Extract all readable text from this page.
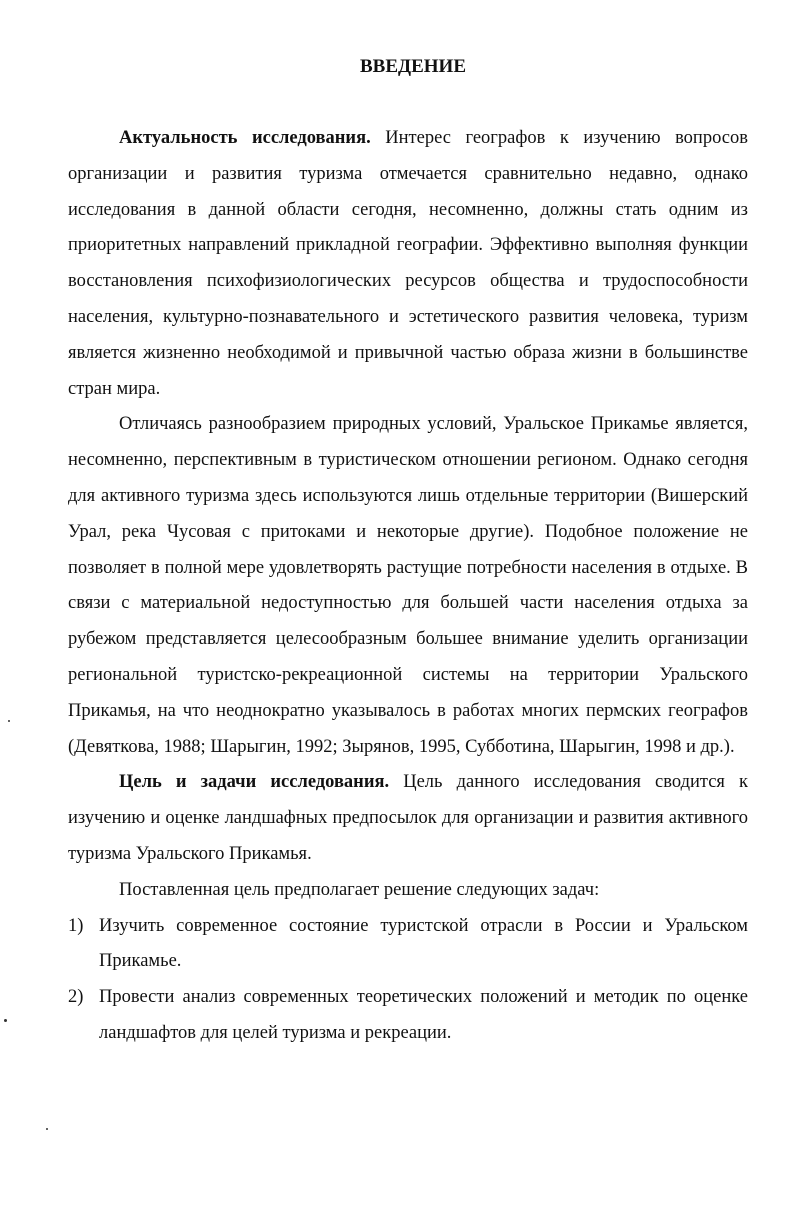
ВВЕДЕНИЕ

Актуальность исследования. Интерес географов к изучению вопросов организации и развития туризма отмечается сравнительно недавно, однако исследования в данной области сегодня, несомненно, должны стать одним из приоритетных направлений прикладной географии. Эффективно выполняя функции восстановления психофизиологических ресурсов общества и трудоспособности населения, культурно-познавательного и эстетического развития человека, туризм является жизненно необходимой и привычной частью образа жизни в большинстве стран мира.

Отличаясь разнообразием природных условий, Уральское Прикамье является, несомненно, перспективным в туристическом отношении регионом. Однако сегодня для активного туризма здесь используются лишь отдельные территории (Вишерский Урал, река Чусовая с притоками и некоторые другие). Подобное положение не позволяет в полной мере удовлетворять растущие потребности населения в отдыхе. В связи с материальной недоступностью для большей части населения отдыха за рубежом представляется целесообразным большее внимание уделить организации региональной туристско-рекреационной системы на территории Уральского Прикамья, на что неоднократно указывалось в работах многих пермских географов (Девяткова, 1988; Шарыгин, 1992; Зырянов, 1995, Субботина, Шарыгин, 1998 и др.).

Цель и задачи исследования. Цель данного исследования сводится к изучению и оценке ландшафных предпосылок для организации и развития активного туризма Уральского Прикамья.

Поставленная цель предполагает решение следующих задач:

1) Изучить современное состояние туристской отрасли в России и Уральском Прикамье.
2) Провести анализ современных теоретических положений и методик по оценке ландшафтов для целей туризма и рекреации.
